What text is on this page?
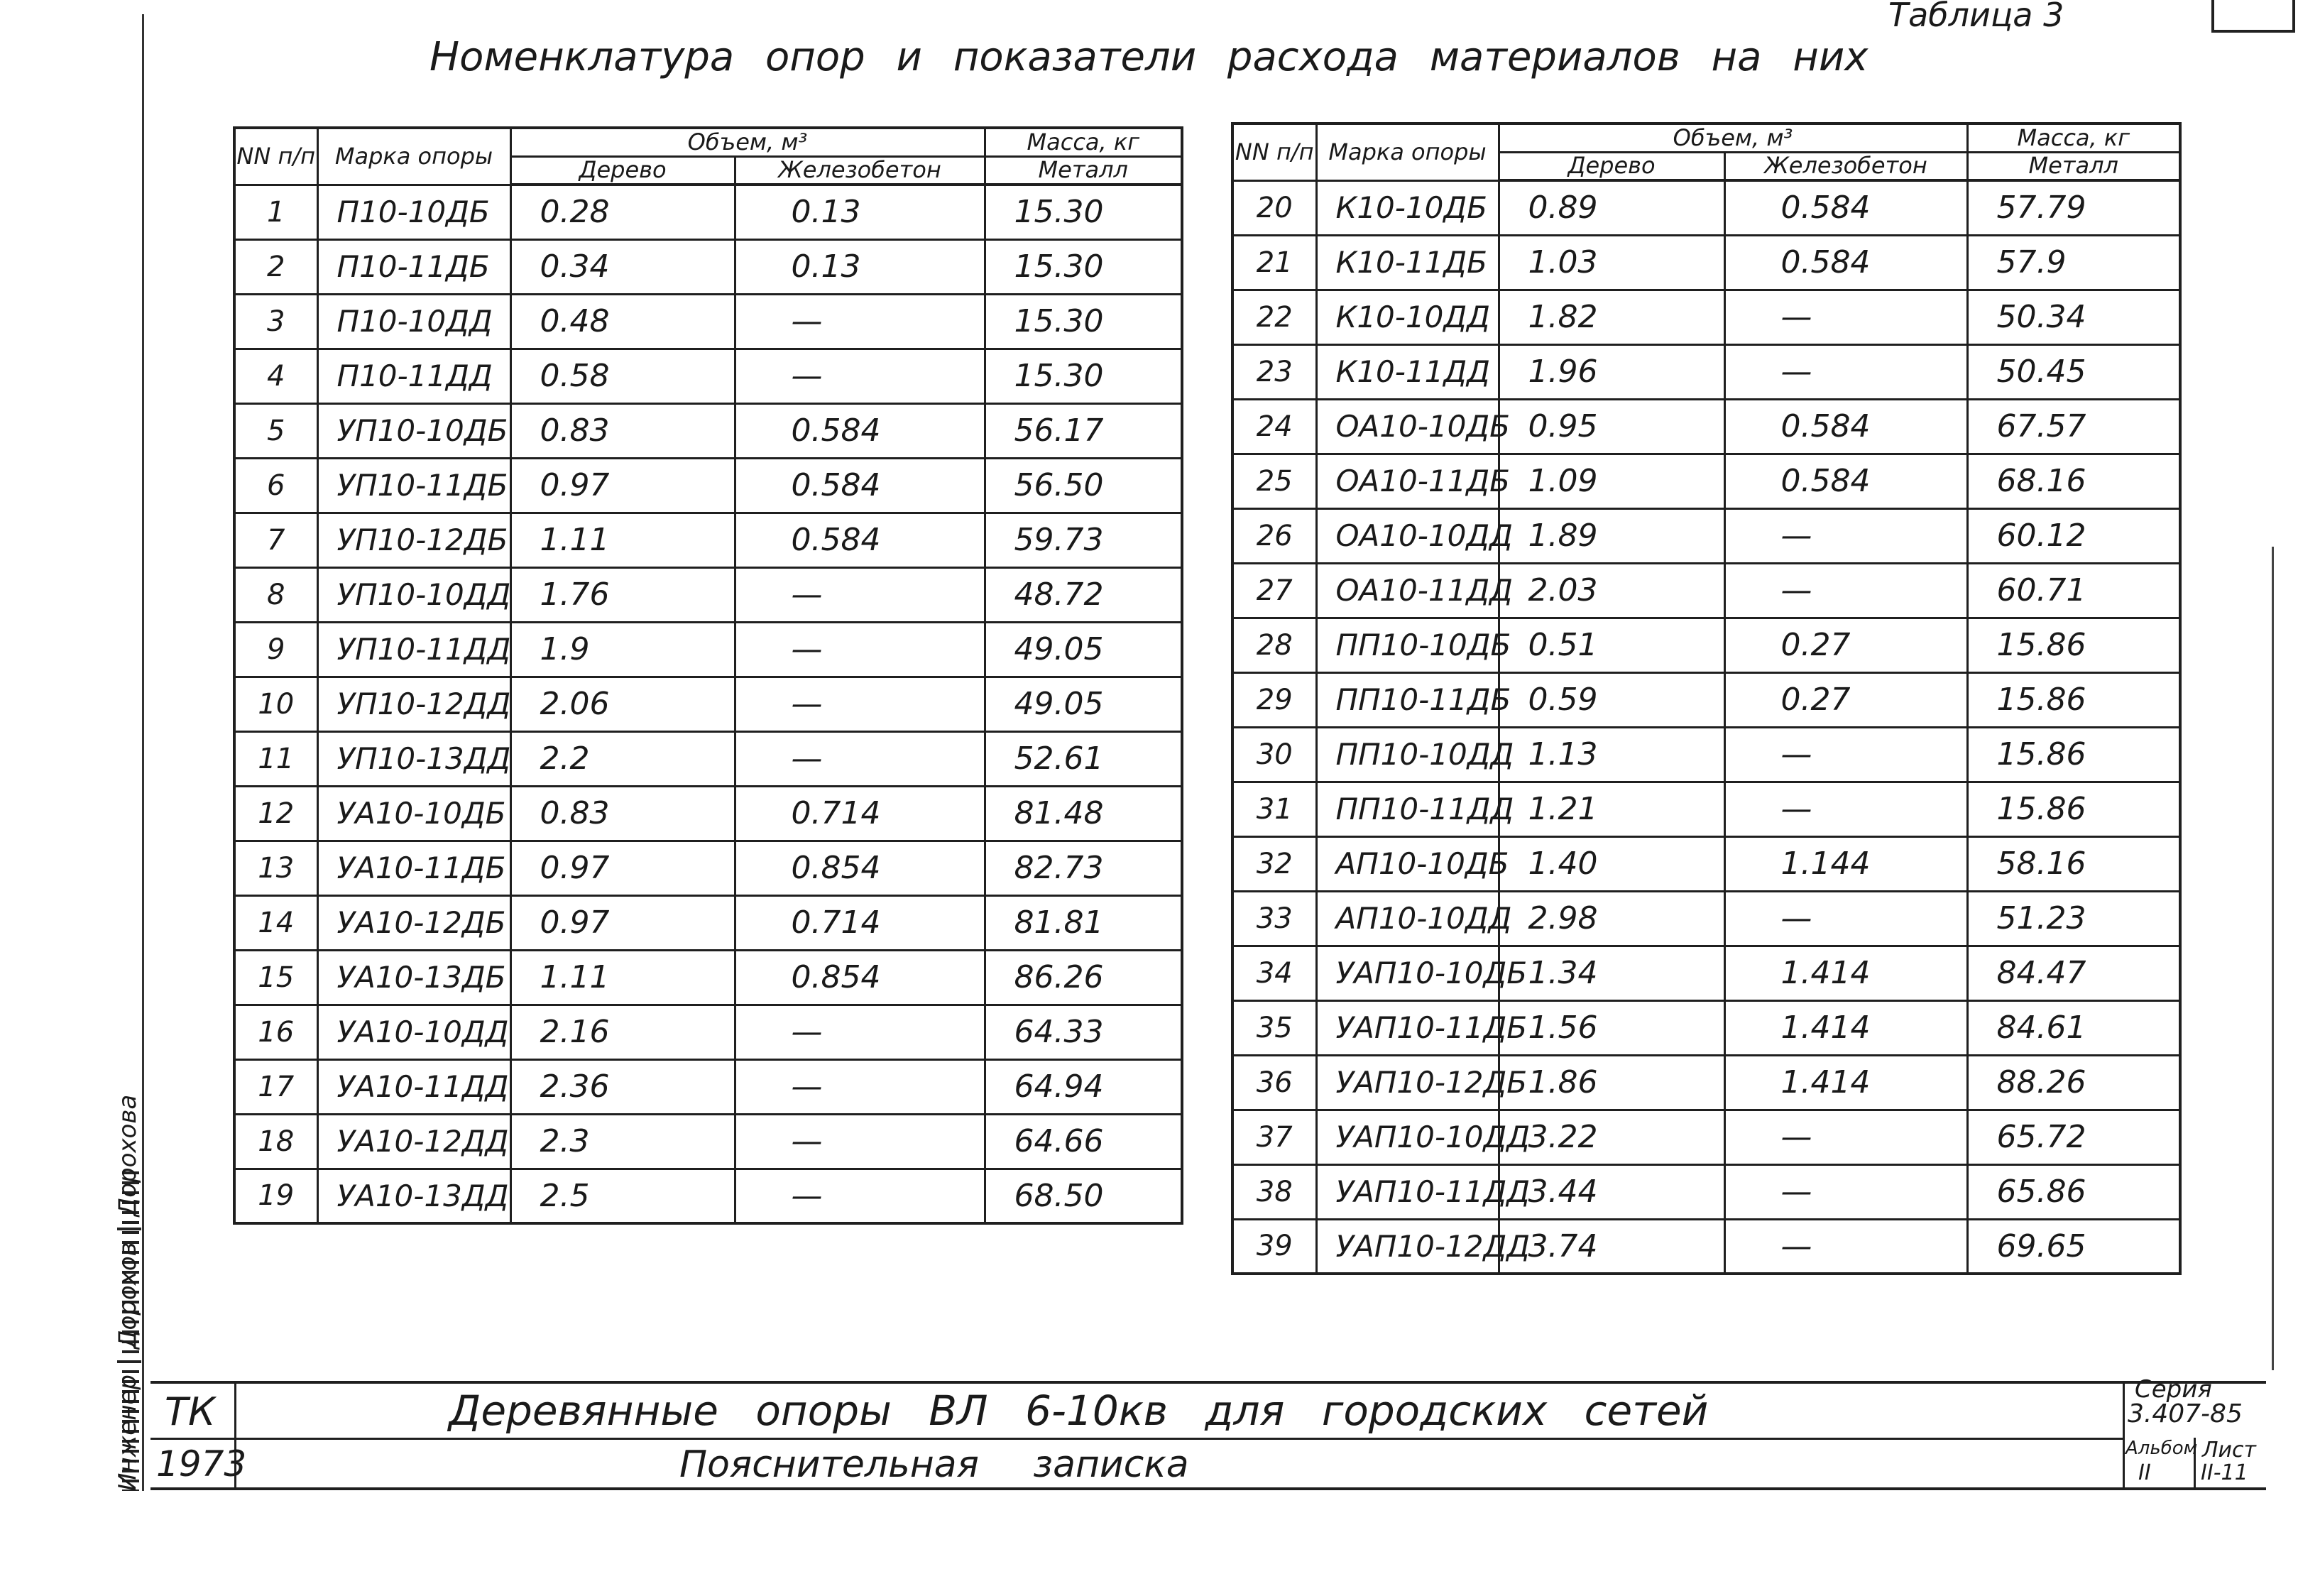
Таблица 3
Номенклатура опор и показатели расхода материалов на них
NN п/п	Марка опоры	Объем, м³		Масса, кг
		Дерево	Железобетон	Металл
1	П10-10ДБ	0.28	0.13	15.30
2	П10-11ДБ	0.34	0.13	15.30
3	П10-10ДД	0.48	—	15.30
4	П10-11ДД	0.58	—	15.30
5	УП10-10ДБ	0.83	0.584	56.17
6	УП10-11ДБ	0.97	0.584	56.50
7	УП10-12ДБ	1.11	0.584	59.73
8	УП10-10ДД	1.76	—	48.72
9	УП10-11ДД	1.9	—	49.05
10	УП10-12ДД	2.06	—	49.05
11	УП10-13ДД	2.2	—	52.61
12	УА10-10ДБ	0.83	0.714	81.48
13	УА10-11ДБ	0.97	0.854	82.73
14	УА10-12ДБ	0.97	0.714	81.81
15	УА10-13ДБ	1.11	0.854	86.26
16	УА10-10ДД	2.16	—	64.33
17	УА10-11ДД	2.36	—	64.94
18	УА10-12ДД	2.3	—	64.66
19	УА10-13ДД	2.5	—	68.50
NN п/п	Марка опоры	Объем, м³		Масса, кг
		Дерево	Железобетон	Металл
20	К10-10ДБ	0.89	0.584	57.79
21	К10-11ДБ	1.03	0.584	57.9
22	К10-10ДД	1.82	—	50.34
23	К10-11ДД	1.96	—	50.45
24	ОА10-10ДБ	0.95	0.584	67.57
25	ОА10-11ДБ	1.09	0.584	68.16
26	ОА10-10ДД	1.89	—	60.12
27	ОА10-11ДД	2.03	—	60.71
28	ПП10-10ДБ	0.51	0.27	15.86
29	ПП10-11ДБ	0.59	0.27	15.86
30	ПП10-10ДД	1.13	—	15.86
31	ПП10-11ДД	1.21	—	15.86
32	АП10-10ДБ	1.40	1.144	58.16
33	АП10-10ДД	2.98	—	51.23
34	УАП10-10ДБ	1.34	1.414	84.47
35	УАП10-11ДБ	1.56	1.414	84.61
36	УАП10-12ДБ	1.86	1.414	88.26
37	УАП10-10ДД	3.22	—	65.72
38	УАП10-11ДД	3.44	—	65.86
39	УАП10-12ДД	3.74	—	69.65
ИнженерДороховДорохова
ТК
1973
Деревянные опоры ВЛ 6-10кв для городских сетей
Пояснительная записка
Серия
3.407-85
Альбом
II
Лист
II-11
